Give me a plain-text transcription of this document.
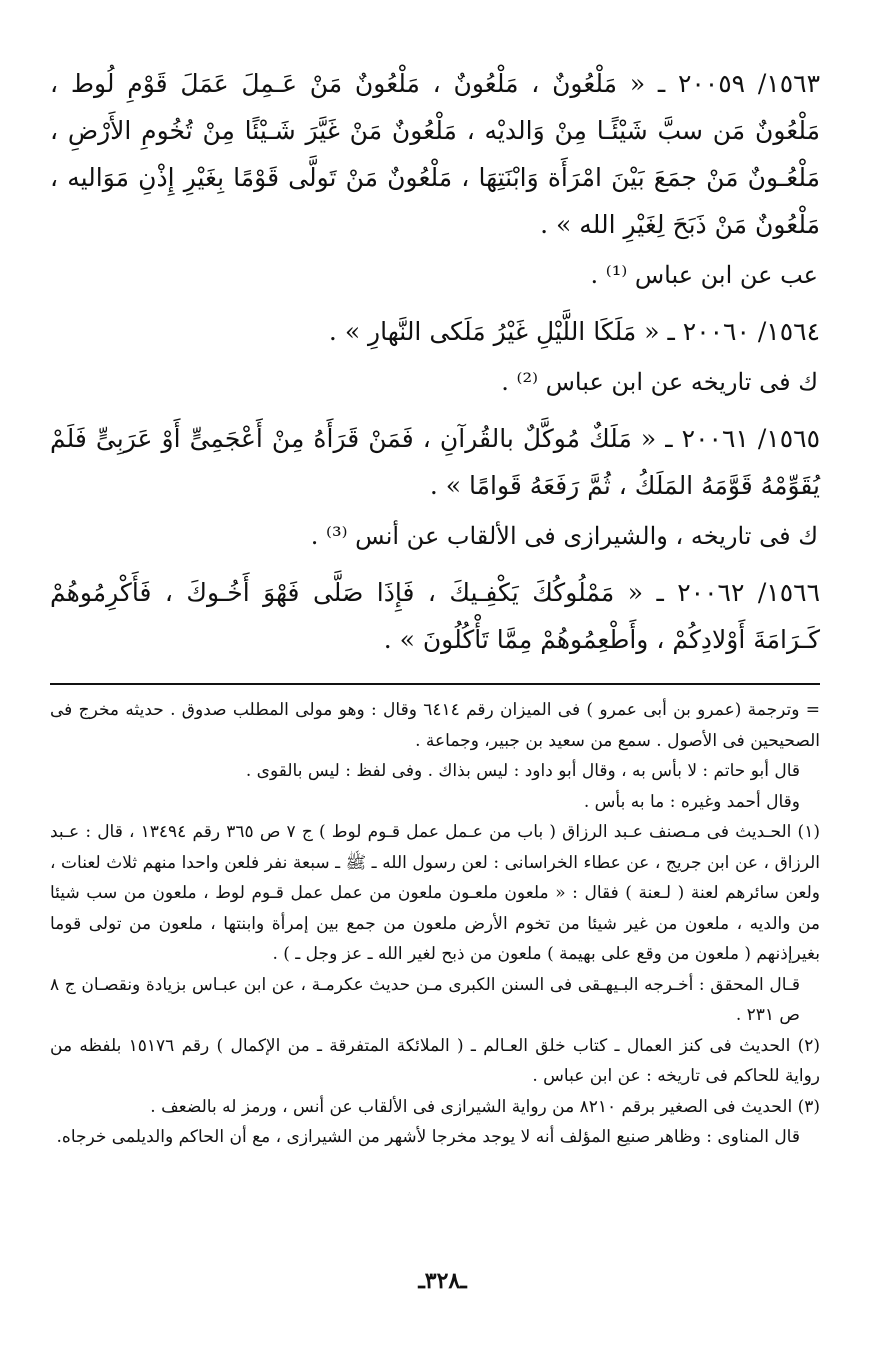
١٥٦٣/ ٢٠٠٥٩ ـ « مَلْعُونٌ ، مَلْعُونٌ ، مَلْعُونٌ مَنْ عَـمِلَ عَمَلَ قَوْمِ لُوط ، مَلْعُونٌ مَن سبَّ شَيْئًـا مِنْ وَالديْه ، مَلْعُونٌ مَنْ غَيَّرَ شَـيْئًا مِنْ تُخُومِ الأَرْضِ ، مَلْعُـونٌ مَنْ جمَعَ بَيْنَ امْرَأَة وَابْنَتِهَا ، مَلْعُونٌ مَنْ تَولَّى قَوْمًا بِغَيْرِ إِذْنِ مَوَاليه ، مَلْعُونٌ مَنْ ذَبَحَ لِغَيْرِ الله » .

عب عن ابن عباس ⁽¹⁾ .

١٥٦٤/ ٢٠٠٦٠ ـ « مَلَكَا اللَّيْلِ غَيْرُ مَلَكى النَّهارِ » .

ك فى تاريخه عن ابن عباس ⁽²⁾ .

١٥٦٥/ ٢٠٠٦١ ـ « مَلَكٌ مُوكَّلٌ بالقُرآنِ ، فَمَنْ قَرَأَهُ مِنْ أَعْجَمِىٍّ أَوْ عَرَبِىٍّ فَلَمْ يُقَوِّمْهُ قَوَّمَهُ المَلَكُ ، ثُمَّ رَفَعَهُ قَوامًا » .

ك فى تاريخه ، والشيرازى فى الألقاب عن أنس ⁽³⁾ .

١٥٦٦/ ٢٠٠٦٢ ـ « مَمْلُوكُكَ يَكْفِـيكَ ، فَإِذَا صَلَّى فَهْوَ أَخُـوكَ ، فَأَكْرِمُوهُمْ كَـرَامَةَ أَوْلادِكُمْ ، وأَطْعِمُوهُمْ مِمَّا تَأْكُلُونَ » .

= وترجمة (عمرو بن أبى عمرو ) فى الميزان رقم ٦٤١٤ وقال : وهو مولى المطلب صدوق . حديثه مخرج فى الصحيحين فى الأصول . سمع من سعيد بن جبير، وجماعة .

قال أبو حاتم : لا بأس به ، وقال أبو داود : ليس بذاك . وفى لفظ : ليس بالقوى .

وقال أحمد وغيره : ما به بأس .

(١) الحـديث فى مـصنف عـبد الرزاق ( باب من عـمل عمل قـوم لوط ) ج ٧ ص ٣٦٥ رقم ١٣٤٩٤ ، قال : عـبد الرزاق ، عن ابن جريج ، عن عطاء الخراسانى : لعن رسول الله ـ ﷺ ـ سبعة نفر فلعن واحدا منهم ثلاث لعنات ، ولعن سائرهم لعنة ( لـعنة ) فقال : « ملعون ملعـون ملعون من عمل عمل قـوم لوط ، ملعون من سب شيئا من والديه ، ملعون من غير شيئا من تخوم الأرض ملعون من جمع بين إمرأة وابنتها ، ملعون من تولى قوما بغيرإذنهم ( ملعون من وقع على بهيمة ) ملعون من ذبح لغير الله ـ عز وجل ـ ) .

قـال المحقق : أخـرجه البـيهـقى فى السنن الكبرى مـن حديث عكرمـة ، عن ابن عبـاس بزيادة ونقصـان ج ٨ ص ٢٣١ .

(٢) الحديث فى كنز العمال ـ كتاب خلق العـالم ـ ( الملائكة المتفرقة ـ من الإكمال ) رقم ١٥١٧٦ بلفظه من رواية للحاكم فى تاريخه : عن ابن عباس .

(٣) الحديث فى الصغير برقم ٨٢١٠ من رواية الشيرازى فى الألقاب عن أنس ، ورمز له بالضعف .

قال المناوى : وظاهر صنيع المؤلف أنه لا يوجد مخرجا لأشهر من الشيرازى ، مع أن الحاكم والديلمى خرجاه.

ـ٣٢٨ـ
